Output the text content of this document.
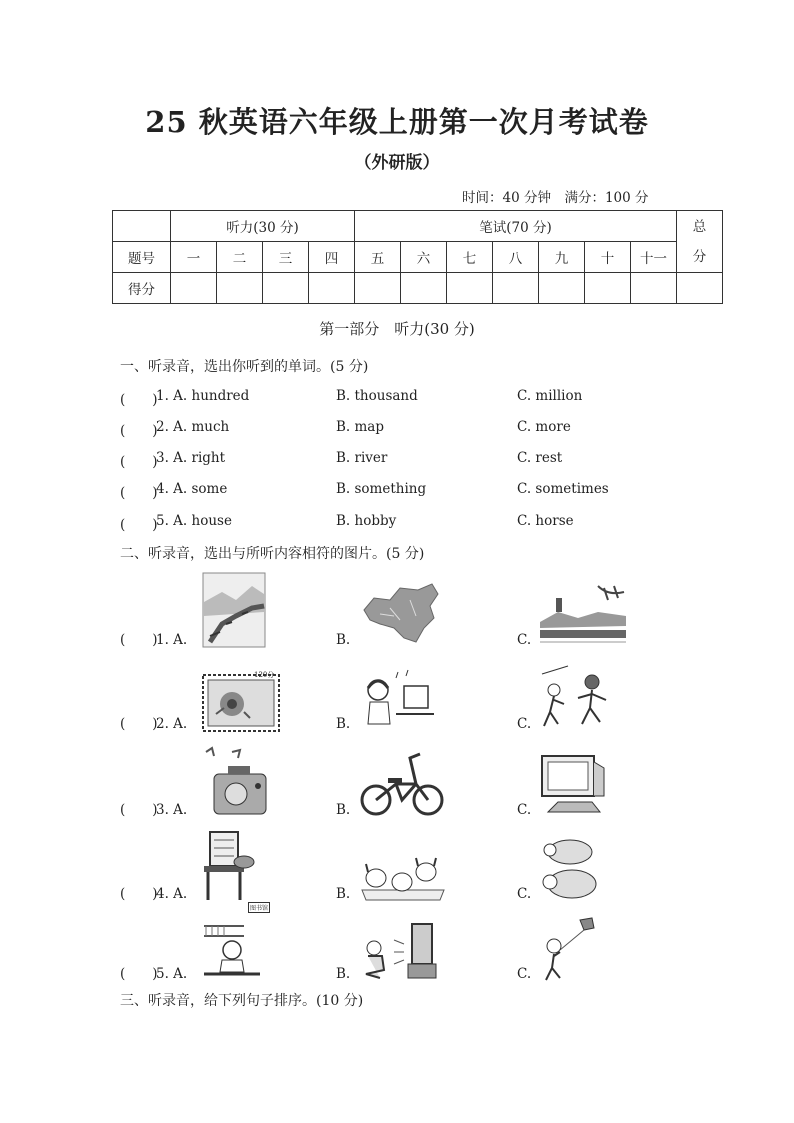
25 秋英语六年级上册第一次月考试卷
（外研版）
时间：40 分钟　满分：100 分
	听力(30 分)				笔试(70 分)							总分
题号	一	二	三	四	五	六	七	八	九	十	十一	
得分												
第一部分　听力(30 分)
一、听录音，选出你听到的单词。(5 分)
(　　)
1. A. hundred	B. thousand	C. million
(　　)
2. A. much	B. map	C. more
(　　)
3. A. right	B. river	C. rest
(　　)
4. A. some	B. something	C. sometimes
(　　)
5. A. house	B. hobby	C. horse
二、听录音，选出与所听内容相符的图片。(5 分)
(　　)
1. A.	B.	C.
(　　)
2. A.
120分
B.	C.
(　　)
3. A.	B.	C.
(　　)
4. A.	B.	C.
(　　)
5. A.
图书馆
B.	C.
三、听录音，给下列句子排序。(10 分)
